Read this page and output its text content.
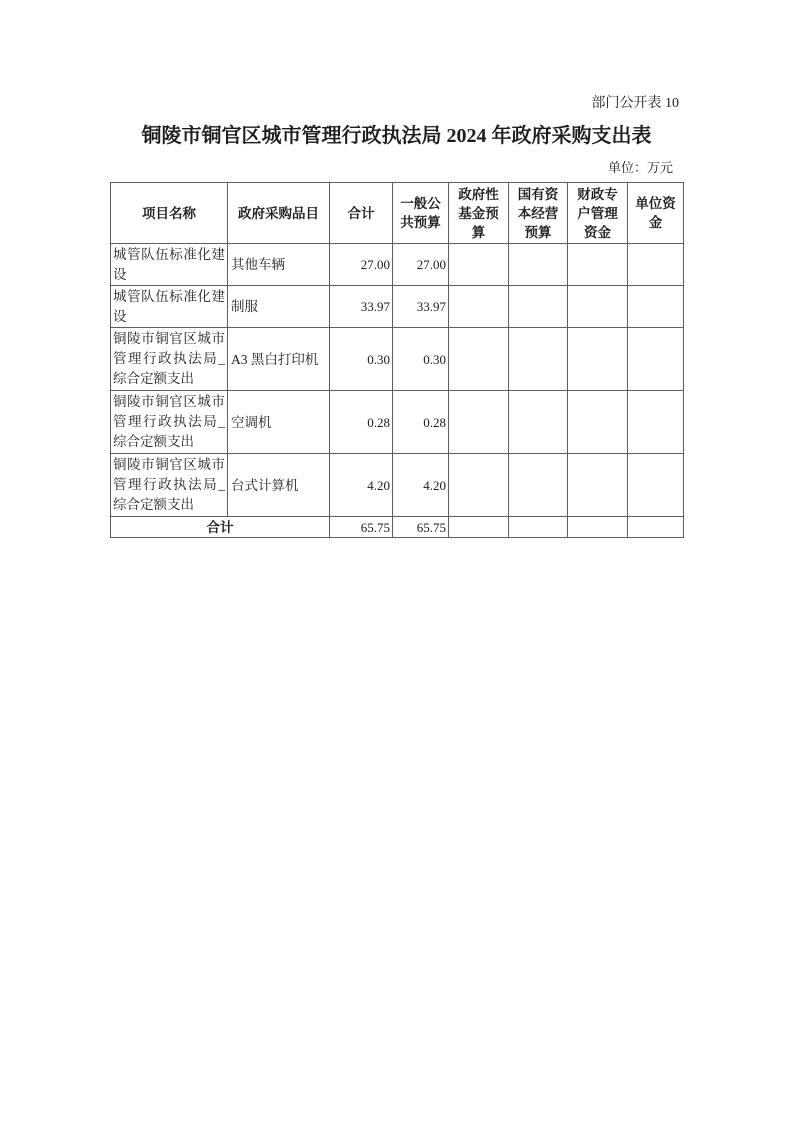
部门公开表 10
铜陵市铜官区城市管理行政执法局 2024 年政府采购支出表
单位：万元
项目名称	政府采购品目	合计	一般公共预算	政府性基金预算	国有资本经营预算	财政专户管理资金	单位资金
城管队伍标准化建设	其他车辆	27.00	27.00				
城管队伍标准化建设	制服	33.97	33.97				
铜陵市铜官区城市管理行政执法局_综合定额支出	A3 黑白打印机	0.30	0.30				
铜陵市铜官区城市管理行政执法局_综合定额支出	空调机	0.28	0.28				
铜陵市铜官区城市管理行政执法局_综合定额支出	台式计算机	4.20	4.20				
合计		65.75	65.75				
